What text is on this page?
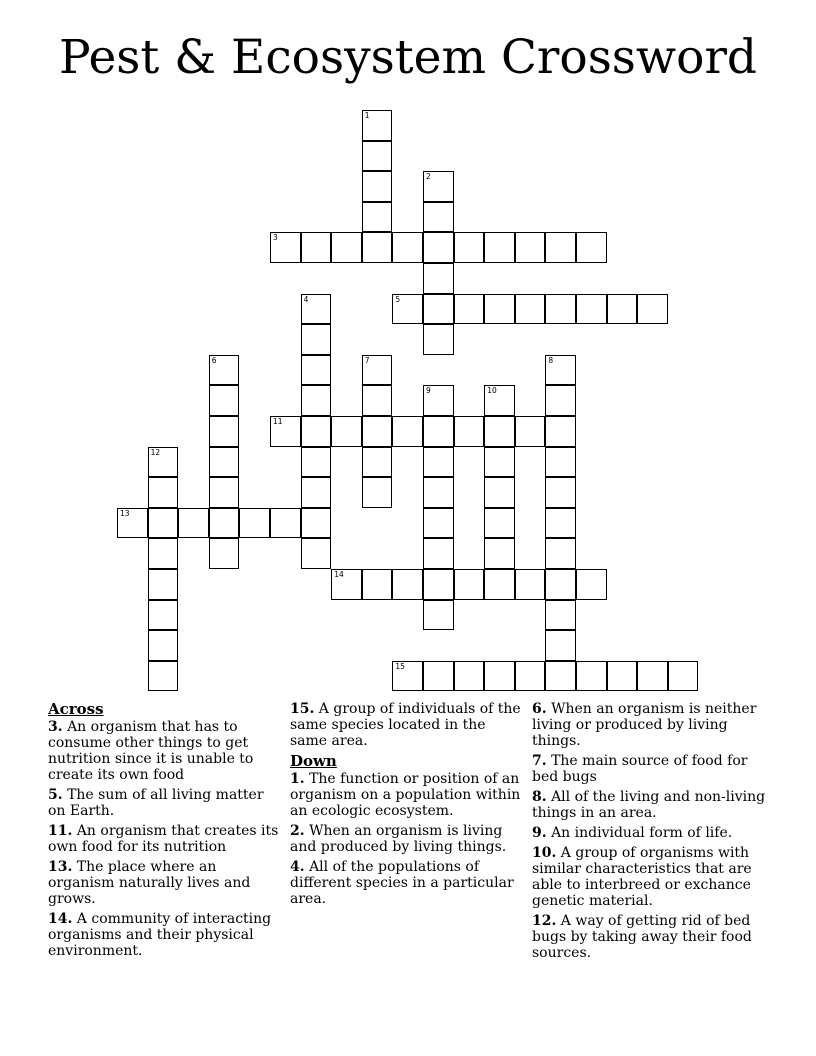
Pest & Ecosystem Crossword
1
2
3
4	5
6	7	8
9	10
11
12
13
14
15
Across
3. An organism that has to consume other things to get nutrition since it is unable to create its own food
5. The sum of all living matter on Earth.
11. An organism that creates its own food for its nutrition
13. The place where an organism naturally lives and grows.
14. A community of interacting organisms and their physical environment.
15. A group of individuals of the same species located in the same area.
Down
1. The function or position of an organism on a population within an ecologic ecosystem.
2. When an organism is living and produced by living things.
4. All of the populations of different species in a particular area.
6. When an organism is neither living or produced by living things.
7. The main source of food for bed bugs
8. All of the living and non-living things in an area.
9. An individual form of life.
10. A group of organisms with similar characteristics that are able to interbreed or exchance genetic material.
12. A way of getting rid of bed bugs by taking away their food sources.
